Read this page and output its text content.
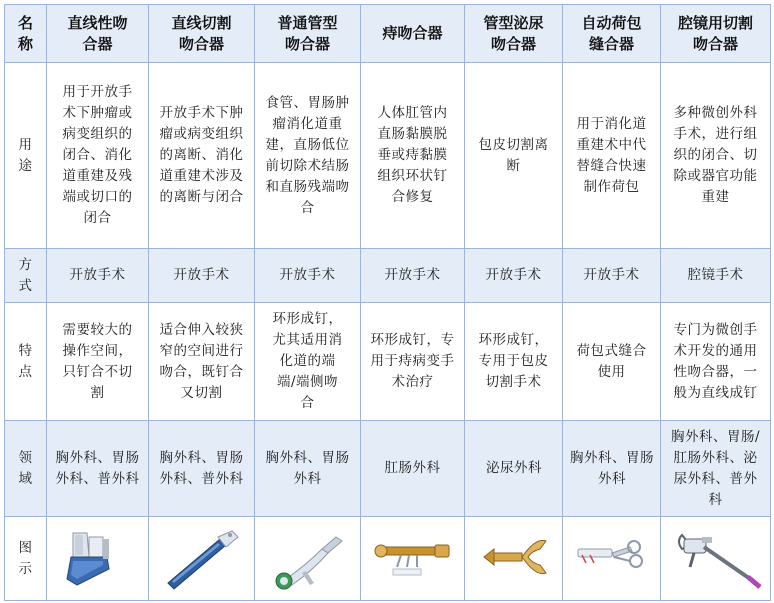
名称	直线性吻合器	直线切割吻合器	普通管型吻合器	痔吻合器	管型泌尿吻合器	自动荷包缝合器	腔镜用切割吻合器

用途	用于开放手术下肿瘤或病变组织的闭合、消化道重建及残端或切口的闭合	开放手术下肿瘤或病变组织的离断、消化道重建术涉及的离断与闭合	食管、胃肠肿瘤消化道重建，直肠低位前切除术结肠和直肠残端吻合	人体肛管内直肠黏膜脱垂或痔黏膜组织环状钉合修复	包皮切割离断	用于消化道重建术中代替缝合快速制作荷包	多种微创外科手术，进行组织的闭合、切除或器官功能重建

方式	开放手术	开放手术	开放手术	开放手术	开放手术	开放手术	腔镜手术
特点	需要较大的操作空间，只钉合不切割	适合伸入较狭窄的空间进行吻合，既钉合又切割	环形成钉，尤其适用消化道的端端/端侧吻合	环形成钉，专用于痔病变手术治疗	环形成钉，专用于包皮切割手术	荷包式缝合使用	专门为微创手术开发的通用性吻合器，一般为直线成钉

领域	胸外科、胃肠外科、普外科	胸外科、胃肠外科、普外科	胸外科、胃肠外科	肛肠外科	泌尿外科	胸外科、胃肠外科	胸外科、胃肠/肛肠外科、泌尿外科、普外科

图示	
